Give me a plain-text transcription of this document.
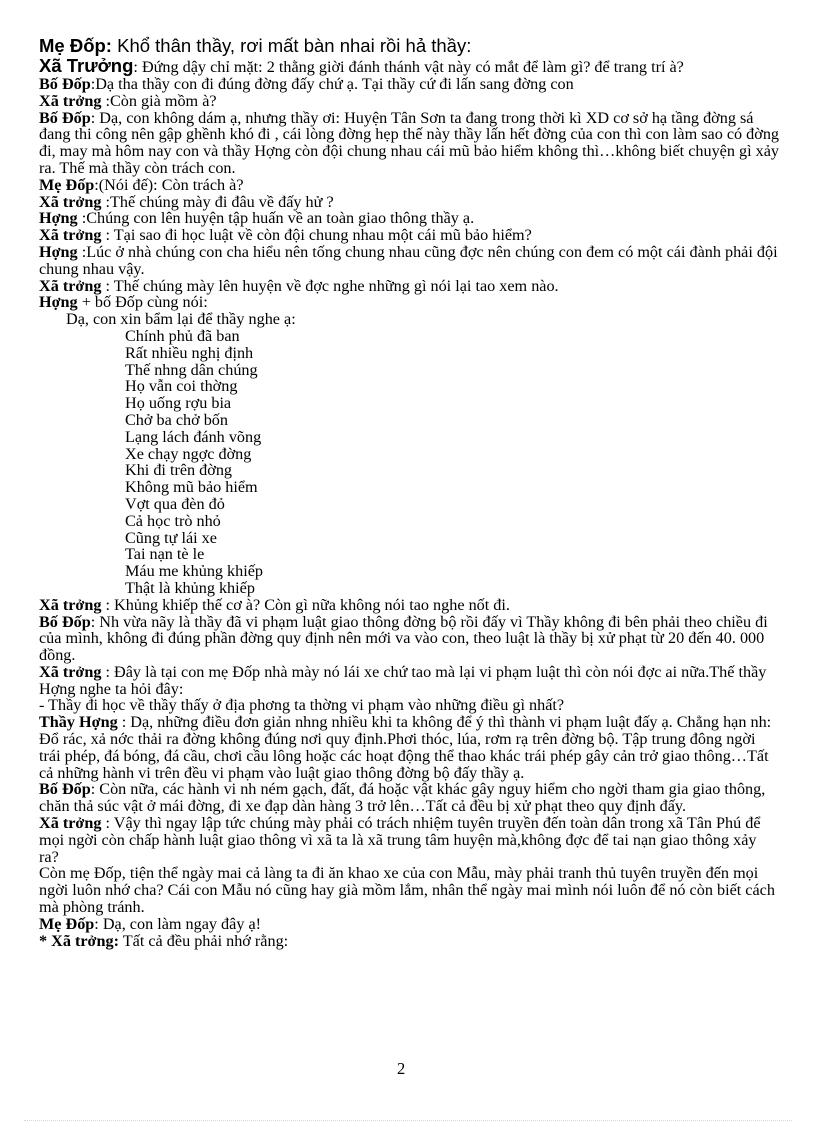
Mẹ Đốp: Khổ thân thầy, rơi mất bàn nhai rồi hả thầy:
Xã Trưởng: Đứng dậy chỉ mặt: 2 thằng giời đánh thánh vật này có mắt để làm gì? để trang trí à?
Bố Đốp:Dạ tha thầy con đi đúng đờng đấy chứ ạ. Tại thầy cứ đi lấn sang đờng con
Xã trởng :Còn già mồm à?
Bố Đốp: Dạ, con không dám ạ, nhưng thầy ơi: Huyện Tân Sơn ta đang trong thời kì XD cơ sở hạ tầng đờng sá đang thi công nên gập ghềnh khó đi , cái lòng đờng hẹp thế này thầy lấn hết đờng của con thì con làm sao có đờng đi, may mà hôm nay con và thầy Hợng còn đội chung nhau cái mũ bảo hiểm không thì…không biết chuyện gì xảy ra. Thế mà thầy còn trách con.
Mẹ Đốp:(Nói đế): Còn trách à?
Xã trởng :Thế chúng mày đi đâu về đấy hử ?
Hợng :Chúng con lên huyện tập huấn về an toàn giao thông thầy ạ.
Xã trởng : Tại sao đi học luật về còn đội chung nhau một cái mũ bảo hiểm?
Hợng :Lúc ở nhà chúng con cha hiểu nên tống chung nhau cũng đợc nên chúng con đem có một cái đành phải đội chung nhau vậy.
Xã trởng : Thế chúng mày lên huyện về đợc nghe những gì nói lại tao xem nào.
Hợng + bố Đốp cùng nói:
Dạ, con xin bẩm lại để thầy nghe ạ:
Chính phủ đã ban
Rất nhiều nghị định
Thế nhng dân chúng
Họ vẫn coi thờng
Họ uống rợu bia
Chở ba chở bốn
Lạng lách đánh võng
Xe chạy ngợc đờng
Khi đi trên đờng
Không mũ bảo hiểm
Vợt qua đèn đỏ
Cả học trò nhỏ
Cũng tự lái xe
Tai nạn tè le
Máu me khủng khiếp
Thật là khủng khiếp
Xã trởng : Khủng khiếp thế cơ à? Còn gì nữa không nói tao nghe nốt đi.
Bố Đốp: Nh vừa nãy là thầy đã vi phạm luật giao thông đờng bộ rồi đấy vì Thầy không đi bên phải theo chiều đi của mình, không đi đúng phần đờng quy định nên mới va vào con, theo luật là thầy bị xử phạt từ 20 đến 40. 000 đồng.
Xã trởng : Đây là tại con mẹ Đốp nhà mày nó lái xe chứ tao mà lại vi phạm luật thì còn nói đợc ai nữa.Thế thầy Hợng nghe ta hỏi đây:
- Thầy đi học về thầy thấy ở địa phơng ta thờng vi phạm vào những điều gì nhất?
Thầy Hợng : Dạ, những điều đơn giản nhng nhiều khi ta không để ý thì thành vi phạm luật đấy ạ. Chẳng hạn nh: Đổ rác, xả nớc thải ra đờng không đúng nơi quy định.Phơi thóc, lúa, rơm rạ trên đờng bộ. Tập trung đông ngời trái phép, đá bóng, đá cầu, chơi cầu lông hoặc các hoạt động thể thao khác trái phép gây cản trở giao thông…Tất cả những hành vi trên đều vi phạm vào luật giao thông đờng bộ đấy thầy ạ.
Bố Đốp: Còn nữa, các hành vi nh ném gạch, đất, đá hoặc vật khác gây nguy hiểm cho ngời tham gia giao thông, chăn thả súc vật ở mái đờng, đi xe đạp dàn hàng 3 trở lên…Tất cả đều bị xử phạt theo quy định đấy.
Xã trởng : Vậy thì ngay lập tức chúng mày phải có trách nhiệm tuyên truyền đến toàn dân trong xã Tân Phú để mọi ngời còn chấp hành luật giao thông vì xã ta là xã trung tâm huyện mà,không đợc để tai nạn giao thông xảy ra?
Còn mẹ Đốp, tiện thể ngày mai cả làng ta đi ăn khao xe của con Mẫu, mày phải tranh thủ tuyên truyền đến mọi ngời luôn nhớ cha? Cái con Mẫu nó cũng hay già mồm lắm, nhân thể ngày mai mình nói luôn để nó còn biết cách mà phòng tránh.
Mẹ Đốp: Dạ, con làm ngay đây ạ!
* Xã trởng: Tất cả đều phải nhớ rằng:
2
